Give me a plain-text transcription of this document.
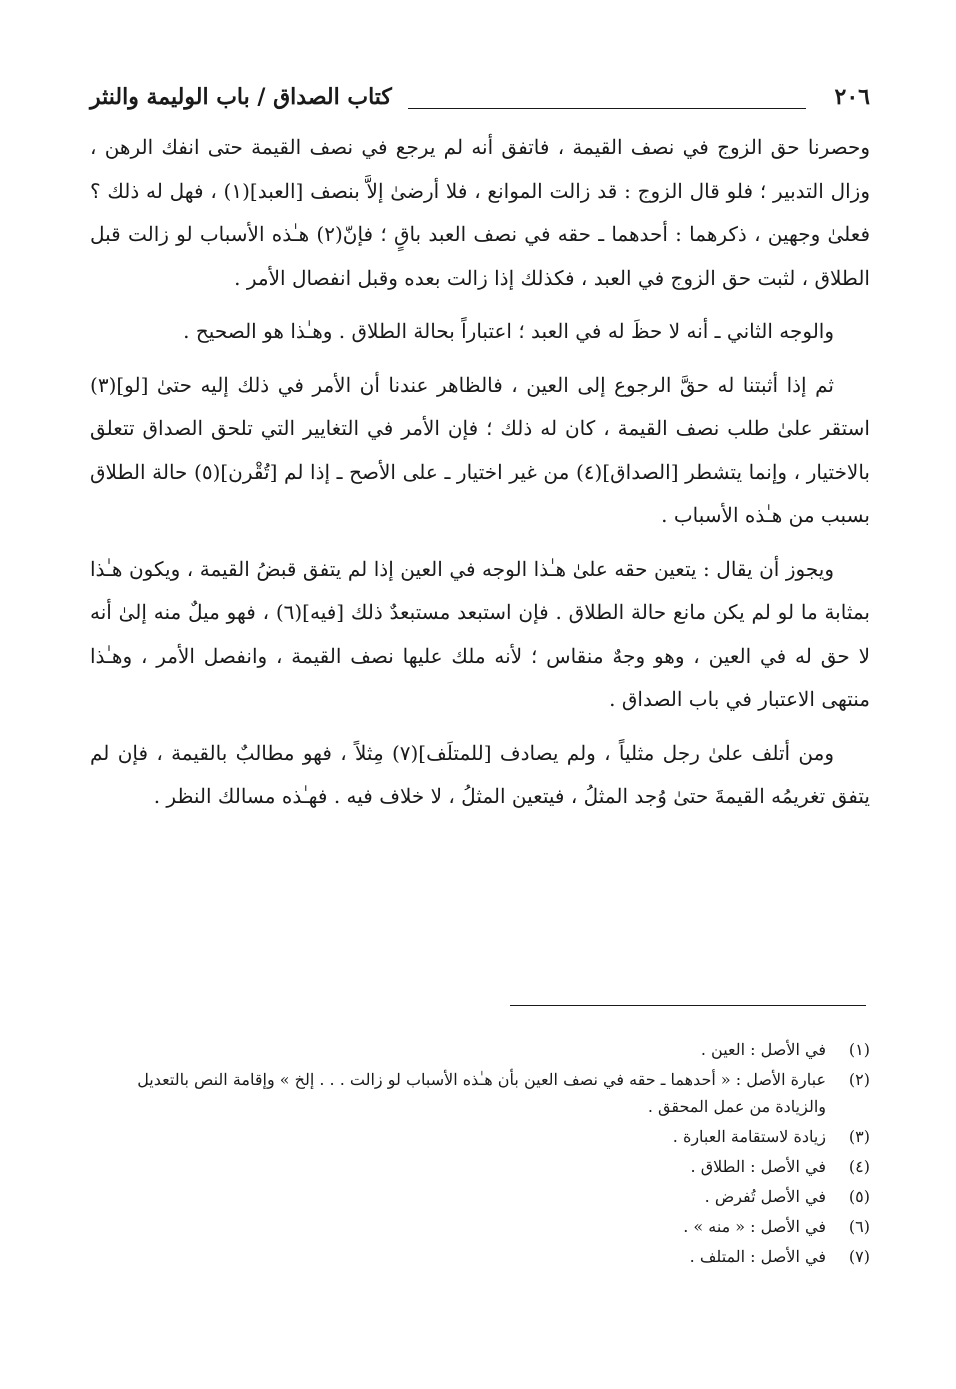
٢٠٦
كتاب الصداق / باب الوليمة والنثر

وحصرنا حق الزوج في نصف القيمة ، فاتفق أنه لم يرجع في نصف القيمة حتى انفك الرهن ، وزال التدبير ؛ فلو قال الزوج : قد زالت الموانع ، فلا أرضىٰ إلاَّ بنصف [العبد](١) ، فهل له ذلك ؟ فعلىٰ وجهين ، ذكرهما : أحدهما ـ حقه في نصف العبد باقٍ ؛ فإنّ(٢) هـٰذه الأسباب لو زالت قبل الطلاق ، لثبت حق الزوج في العبد ، فكذلك إذا زالت بعده وقبل انفصال الأمر .

والوجه الثاني ـ أنه لا حظَ له في العبد ؛ اعتباراً بحالة الطلاق . وهـٰذا هو الصحيح .

ثم إذا أثبتنا له حقَّ الرجوع إلى العين ، فالظاهر عندنا أن الأمر في ذلك إليه حتىٰ [لو](٣) استقر علىٰ طلب نصف القيمة ، كان له ذلك ؛ فإن الأمر في التغايير التي تلحق الصداق تتعلق بالاختيار ، وإنما يتشطر [الصداق](٤) من غير اختيار ـ على الأصح ـ إذا لم [تُقْرن](٥) حالة الطلاق بسبب من هـٰذه الأسباب .

ويجوز أن يقال : يتعين حقه علىٰ هـٰذا الوجه في العين إذا لم يتفق قبضُ القيمة ، ويكون هـٰذا بمثابة ما لو لم يكن مانع حالة الطلاق . فإن استبعد مستبعدٌ ذلك [فيه](٦) ، فهو ميلٌ منه إلىٰ أنه لا حق له في العين ، وهو وجهٌ منقاس ؛ لأنه ملك عليها نصف القيمة ، وانفصل الأمر ، وهـٰذا منتهى الاعتبار في باب الصداق .

ومن أتلف علىٰ رجل مثلياً ، ولم يصادف [للمتلَف](٧) مِثلاً ، فهو مطالبٌ بالقيمة ، فإن لم يتفق تغريمُه القيمةَ حتىٰ وُجد المثلُ ، فيتعين المثلُ ، لا خلاف فيه . فهـٰذه مسالك النظر .

(١)
في الأصل : العين .
(٢)
عبارة الأصل : « أحدهما ـ حقه في نصف العين بأن هـٰذه الأسباب لو زالت . . . إلخ » وإقامة النص بالتعديل والزيادة من عمل المحقق .
(٣)
زيادة لاستقامة العبارة .
(٤)
في الأصل : الطلاق .
(٥)
في الأصل تُفرض .
(٦)
في الأصل : « منه » .
(٧)
في الأصل : المتلف .
